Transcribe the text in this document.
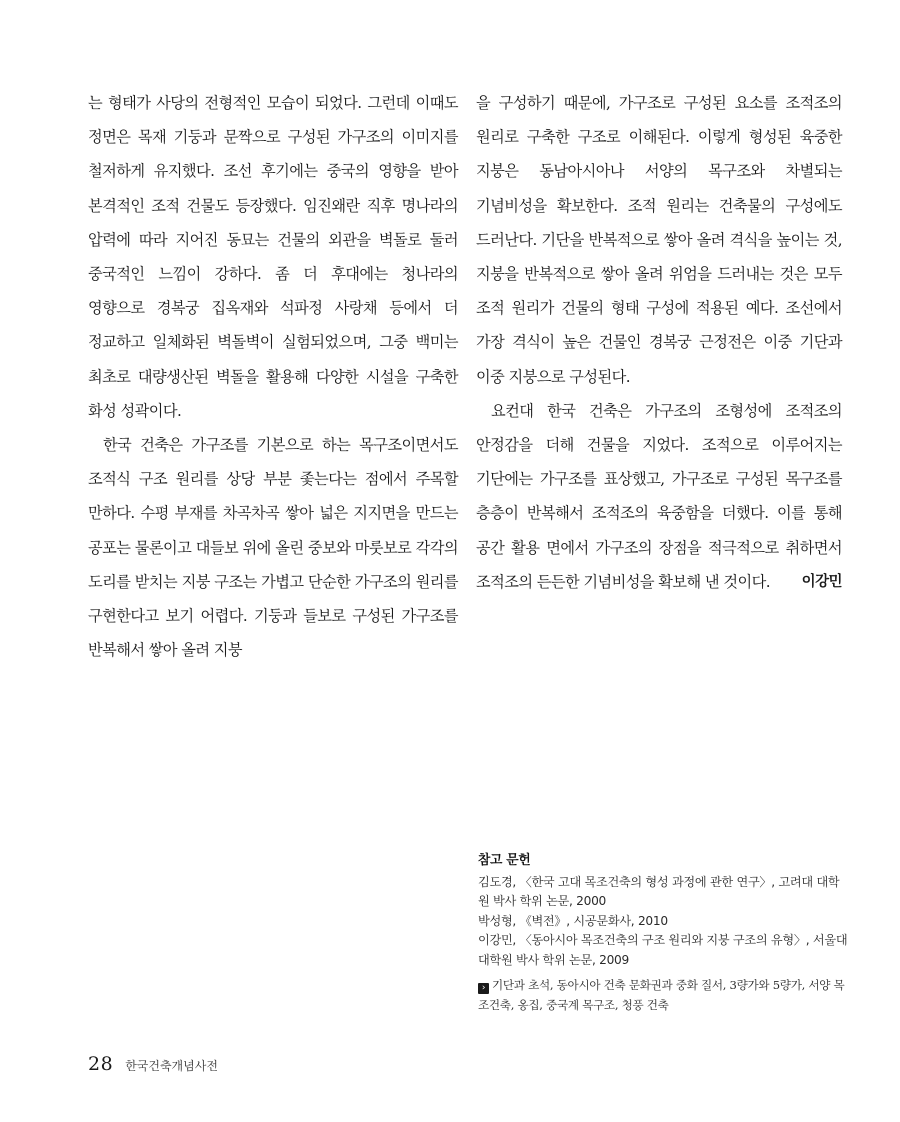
는 형태가 사당의 전형적인 모습이 되었다. 그런데 이때도 정면은 목재 기둥과 문짝으로 구성된 가구조의 이미지를 철저하게 유지했다. 조선 후기에는 중국의 영향을 받아 본격적인 조적 건물도 등장했다. 임진왜란 직후 명나라의 압력에 따라 지어진 동묘는 건물의 외관을 벽돌로 둘러 중국적인 느낌이 강하다. 좀 더 후대에는 청나라의 영향으로 경복궁 집옥재와 석파정 사랑채 등에서 더 정교하고 일체화된 벽돌벽이 실험되었으며, 그중 백미는 최초로 대량생산된 벽돌을 활용해 다양한 시설을 구축한 화성 성곽이다.

한국 건축은 가구조를 기본으로 하는 목구조이면서도 조적식 구조 원리를 상당 부분 좇는다는 점에서 주목할 만하다. 수평 부재를 차곡차곡 쌓아 넓은 지지면을 만드는 공포는 물론이고 대들보 위에 올린 중보와 마룻보로 각각의 도리를 받치는 지붕 구조는 가볍고 단순한 가구조의 원리를 구현한다고 보기 어렵다. 기둥과 들보로 구성된 가구조를 반복해서 쌓아 올려 지붕

을 구성하기 때문에, 가구조로 구성된 요소를 조적조의 원리로 구축한 구조로 이해된다. 이렇게 형성된 육중한 지붕은 동남아시아나 서양의 목구조와 차별되는 기념비성을 확보한다. 조적 원리는 건축물의 구성에도 드러난다. 기단을 반복적으로 쌓아 올려 격식을 높이는 것, 지붕을 반복적으로 쌓아 올려 위엄을 드러내는 것은 모두 조적 원리가 건물의 형태 구성에 적용된 예다. 조선에서 가장 격식이 높은 건물인 경복궁 근정전은 이중 기단과 이중 지붕으로 구성된다.

요컨대 한국 건축은 가구조의 조형성에 조적조의 안정감을 더해 건물을 지었다. 조적으로 이루어지는 기단에는 가구조를 표상했고, 가구조로 구성된 목구조를 층층이 반복해서 조적조의 육중함을 더했다. 이를 통해 공간 활용 면에서 가구조의 장점을 적극적으로 취하면서 조적조의 든든한 기념비성을 확보해 낸 것이다.	이강민

참고 문헌

김도경, 〈한국 고대 목조건축의 형성 과정에 관한 연구〉, 고려대 대학원 박사 학위 논문, 2000

박성형, 《벽전》, 시공문화사, 2010

이강민, 〈동아시아 목조건축의 구조 원리와 지붕 구조의 유형〉, 서울대 대학원 박사 학위 논문, 2009

› 기단과 초석, 동아시아 건축 문화권과 중화 질서, 3량가와 5량가, 서양 목조건축, 옹집, 중국계 목구조, 청풍 건축
28 한국건축개념사전
